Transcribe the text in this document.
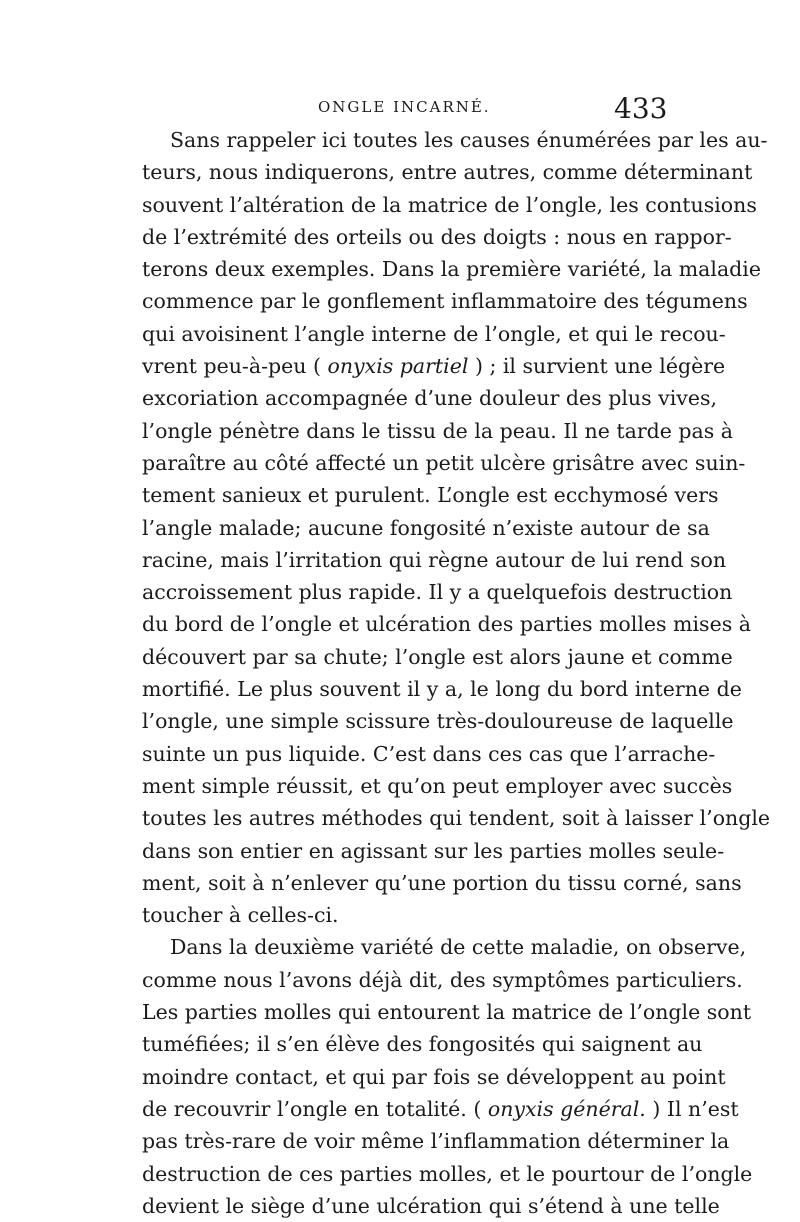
ONGLE INCARNÉ.	433
Sans rappeler ici toutes les causes énumérées par les au-
teurs, nous indiquerons, entre autres, comme déterminant
souvent l’altération de la matrice de l’ongle, les contusions
de l’extrémité des orteils ou des doigts : nous en rappor-
terons deux exemples. Dans la première variété, la maladie
commence par le gonflement inflammatoire des tégumens
qui avoisinent l’angle interne de l’ongle, et qui le recou-
vrent peu-à-peu ( onyxis partiel ) ; il survient une légère
excoriation accompagnée d’une douleur des plus vives,
l’ongle pénètre dans le tissu de la peau. Il ne tarde pas à
paraître au côté affecté un petit ulcère grisâtre avec suin-
tement sanieux et purulent. L’ongle est ecchymosé vers
l’angle malade; aucune fongosité n’existe autour de sa
racine, mais l’irritation qui règne autour de lui rend son
accroissement plus rapide. Il y a quelquefois destruction
du bord de l’ongle et ulcération des parties molles mises à
découvert par sa chute; l’ongle est alors jaune et comme
mortifié. Le plus souvent il y a, le long du bord interne de
l’ongle, une simple scissure très-douloureuse de laquelle
suinte un pus liquide. C’est dans ces cas que l’arrache-
ment simple réussit, et qu’on peut employer avec succès
toutes les autres méthodes qui tendent, soit à laisser l’ongle
dans son entier en agissant sur les parties molles seule-
ment, soit à n’enlever qu’une portion du tissu corné, sans
toucher à celles-ci.
Dans la deuxième variété de cette maladie, on observe,
comme nous l’avons déjà dit, des symptômes particuliers.
Les parties molles qui entourent la matrice de l’ongle sont
tuméfiées; il s’en élève des fongosités qui saignent au
moindre contact, et qui par fois se développent au point
de recouvrir l’ongle en totalité. ( onyxis général. ) Il n’est
pas très-rare de voir même l’inflammation déterminer la
destruction de ces parties molles, et le pourtour de l’ongle
devient le siège d’une ulcération qui s’étend à une telle
